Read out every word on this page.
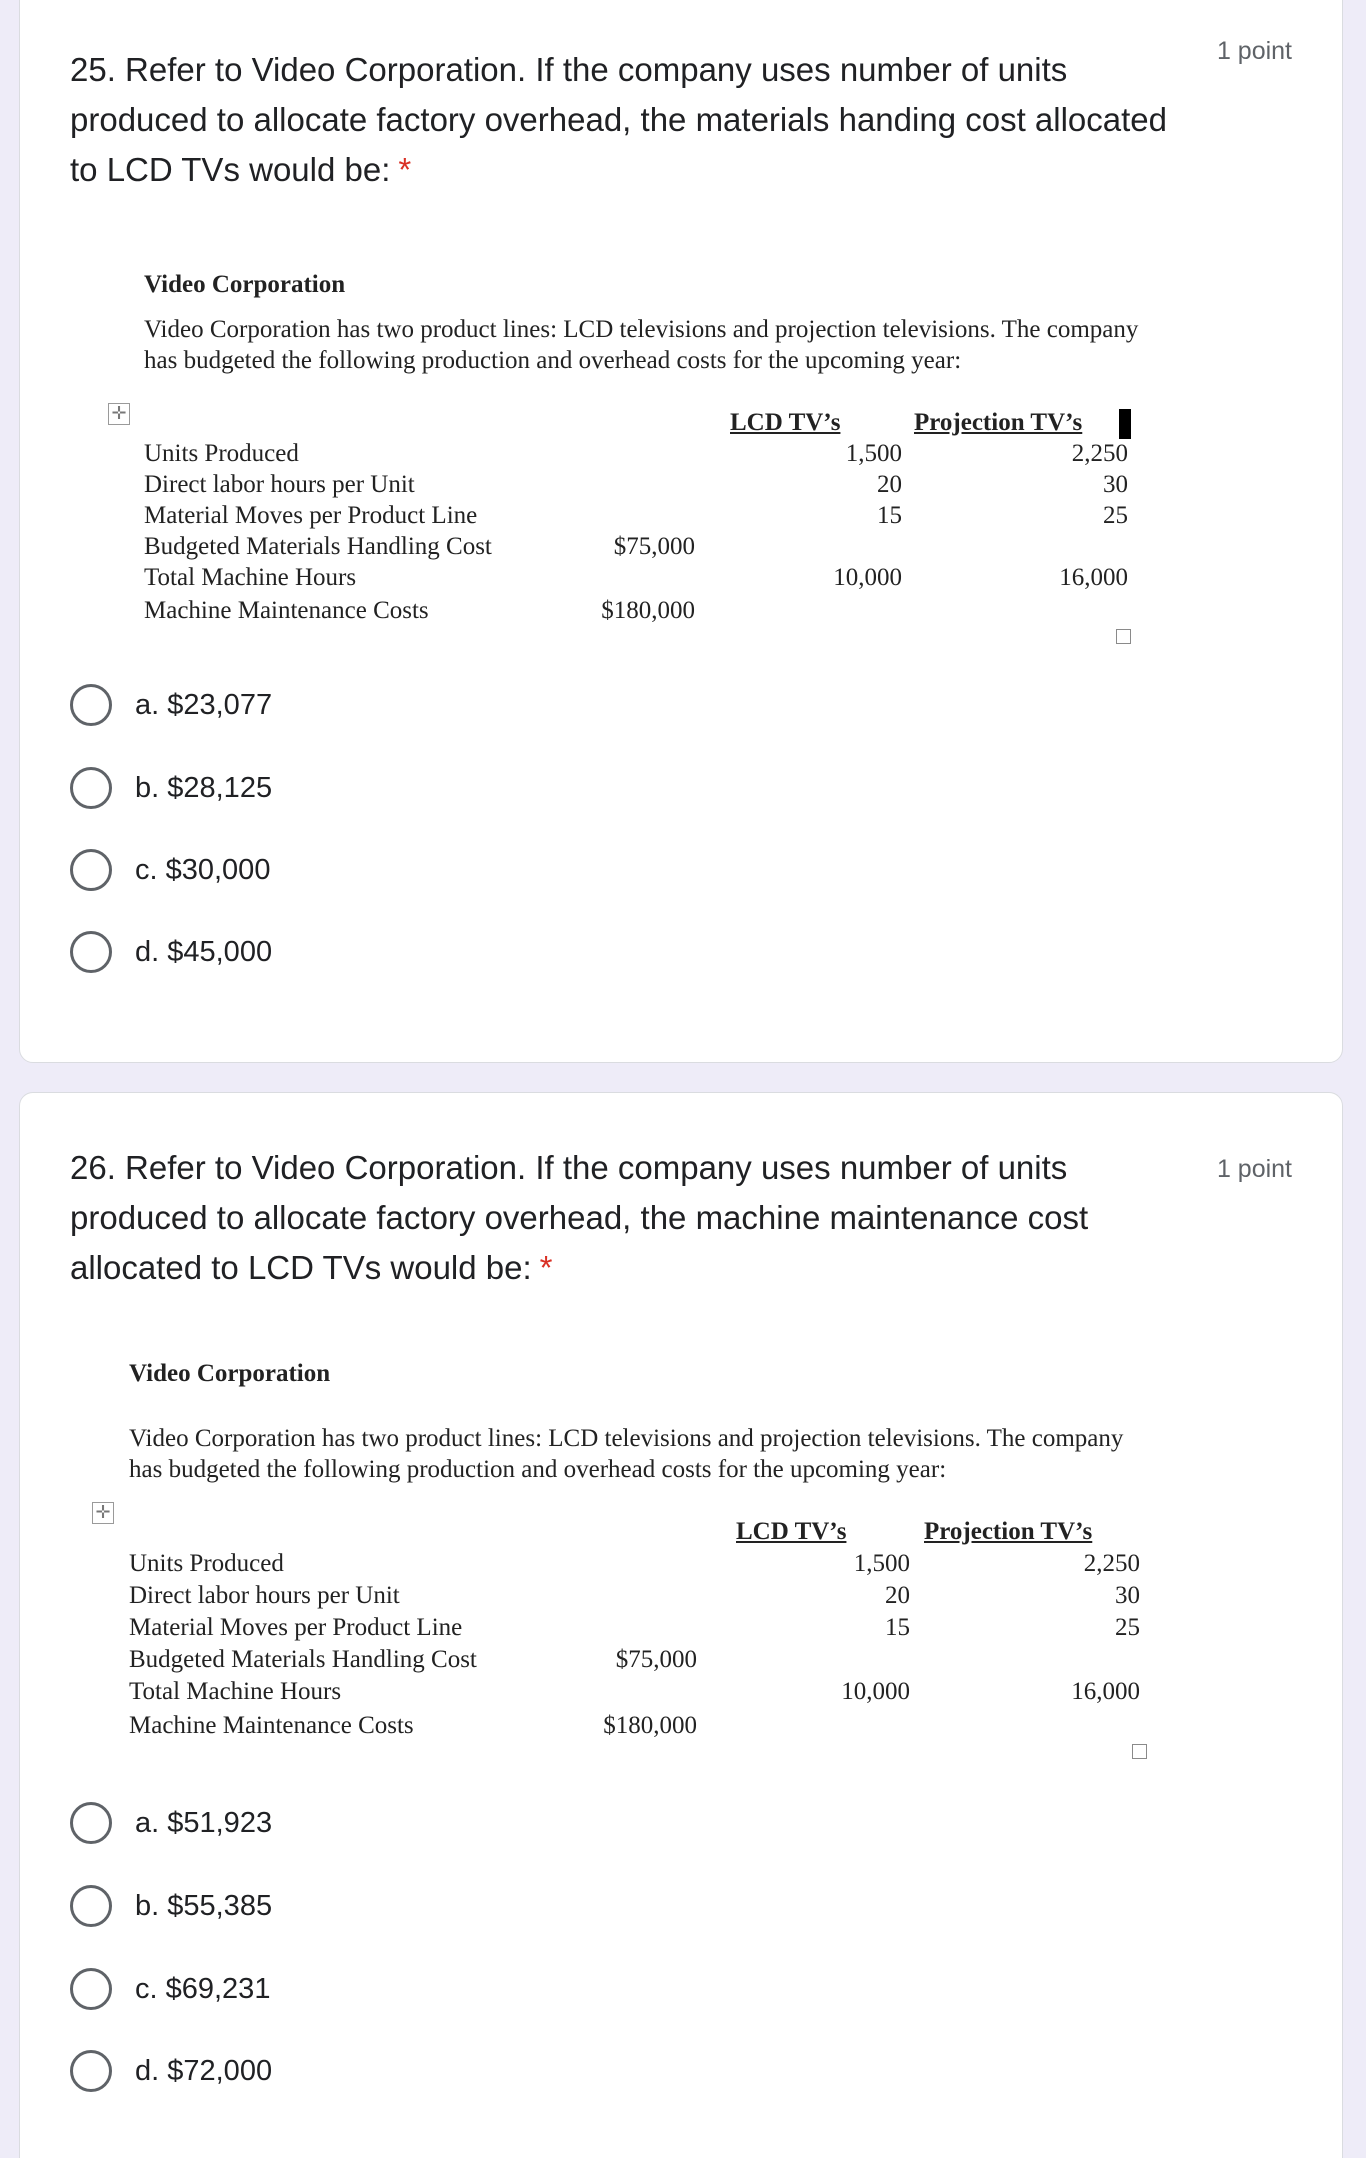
25. Refer to Video Corporation. If the company uses number of units produced to allocate factory overhead, the materials handing cost allocated to LCD TVs would be: *
1 point
Video Corporation
Video Corporation has two product lines: LCD televisions and projection televisions. The company
has budgeted the following production and overhead costs for the upcoming year:
✛	LCD TV’s	Projection TV’s
Units Produced	1,500	2,250
Direct labor hours per Unit	20	30
Material Moves per Product Line	15	25
Budgeted Materials Handling Cost	$75,000
Total Machine Hours	10,000	16,000
Machine Maintenance Costs	$180,000
a. $23,077
b. $28,125
c. $30,000
d. $45,000
26. Refer to Video Corporation. If the company uses number of units produced to allocate factory overhead, the machine maintenance cost allocated to LCD TVs would be: *
1 point
Video Corporation
Video Corporation has two product lines: LCD televisions and projection televisions. The company
has budgeted the following production and overhead costs for the upcoming year:
✛
LCD TV’s	Projection TV’s
Units Produced	1,500	2,250
Direct labor hours per Unit	20	30
Material Moves per Product Line	15	25
Budgeted Materials Handling Cost	$75,000
Total Machine Hours	10,000	16,000
Machine Maintenance Costs	$180,000
a. $51,923
b. $55,385
c. $69,231
d. $72,000
